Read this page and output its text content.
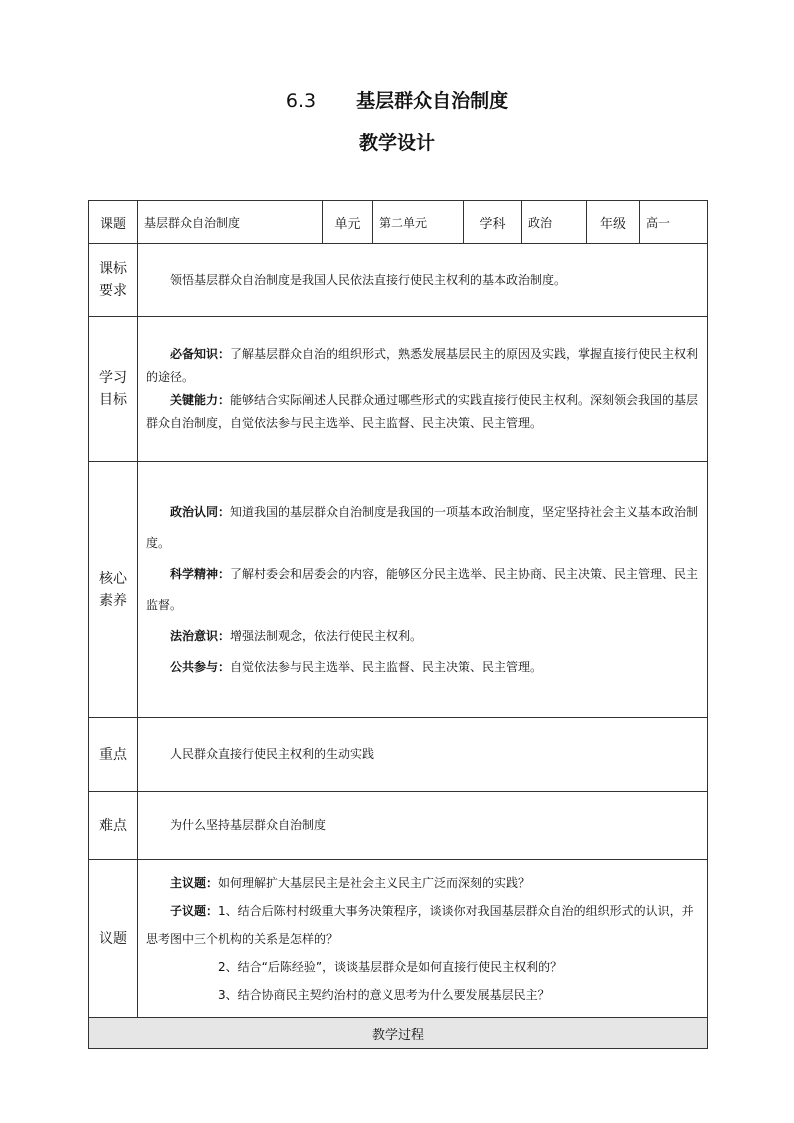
6.3 基层群众自治制度
教学设计
课题	基层群众自治制度	单元	第二单元	学科	政治	年级	高一

课标要求	领悟基层群众自治制度是我国人民依法直接行使民主权利的基本政治制度。						

学习目标	必备知识：了解基层群众自治的组织形式，熟悉发展基层民主的原因及实践，掌握直接行使民主权利的途径。

关键能力：能够结合实际阐述人民群众通过哪些形式的实践直接行使民主权利。深刻领会我国的基层群众自治制度，自觉依法参与民主选举、民主监督、民主决策、民主管理。						

核心素养	政治认同：知道我国的基层群众自治制度是我国的一项基本政治制度，坚定坚持社会主义基本政治制度。

科学精神：了解村委会和居委会的内容，能够区分民主选举、民主协商、民主决策、民主管理、民主监督。

法治意识：增强法制观念，依法行使民主权利。

公共参与：自觉依法参与民主选举、民主监督、民主决策、民主管理。						

重点	人民群众直接行使民主权利的生动实践						

难点	为什么坚持基层群众自治制度						

议题	主议题：如何理解扩大基层民主是社会主义民主广泛而深刻的实践？

子议题：1、结合后陈村村级重大事务决策程序，谈谈你对我国基层群众自治的组织形式的认识，并思考图中三个机构的关系是怎样的？

2、结合“后陈经验”，谈谈基层群众是如何直接行使民主权利的？

3、结合协商民主契约治村的意义思考为什么要发展基层民主？						

教学过程							
